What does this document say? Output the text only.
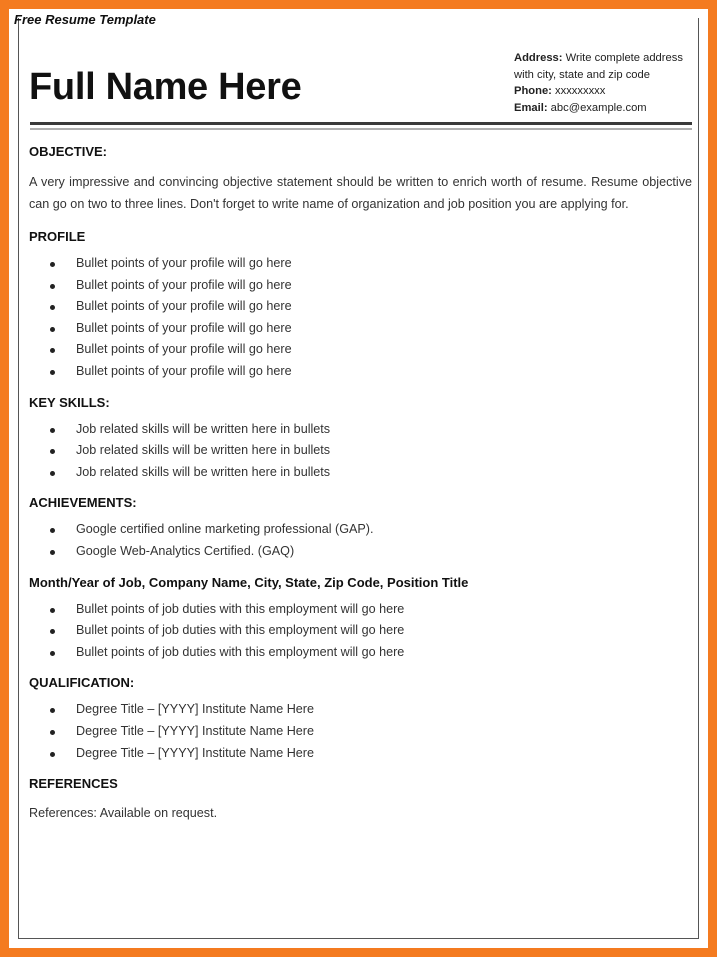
Free Resume Template
Full Name Here
Address: Write complete address with city, state and zip code
Phone: xxxxxxxxx
Email: abc@example.com
OBJECTIVE:
A very impressive and convincing objective statement should be written to enrich worth of resume. Resume objective can go on two to three lines. Don't forget to write name of organization and job position you are applying for.
PROFILE
Bullet points of your profile will go here
Bullet points of your profile will go here
Bullet points of your profile will go here
Bullet points of your profile will go here
Bullet points of your profile will go here
Bullet points of your profile will go here
KEY SKILLS:
Job related skills will be written here in bullets
Job related skills will be written here in bullets
Job related skills will be written here in bullets
ACHIEVEMENTS:
Google certified online marketing professional (GAP).
Google Web-Analytics Certified. (GAQ)
Month/Year of Job, Company Name, City, State, Zip Code, Position Title
Bullet points of job duties with this employment will go here
Bullet points of job duties with this employment will go here
Bullet points of job duties with this employment will go here
QUALIFICATION:
Degree Title – [YYYY] Institute Name Here
Degree Title – [YYYY] Institute Name Here
Degree Title – [YYYY] Institute Name Here
REFERENCES
References: Available on request.
